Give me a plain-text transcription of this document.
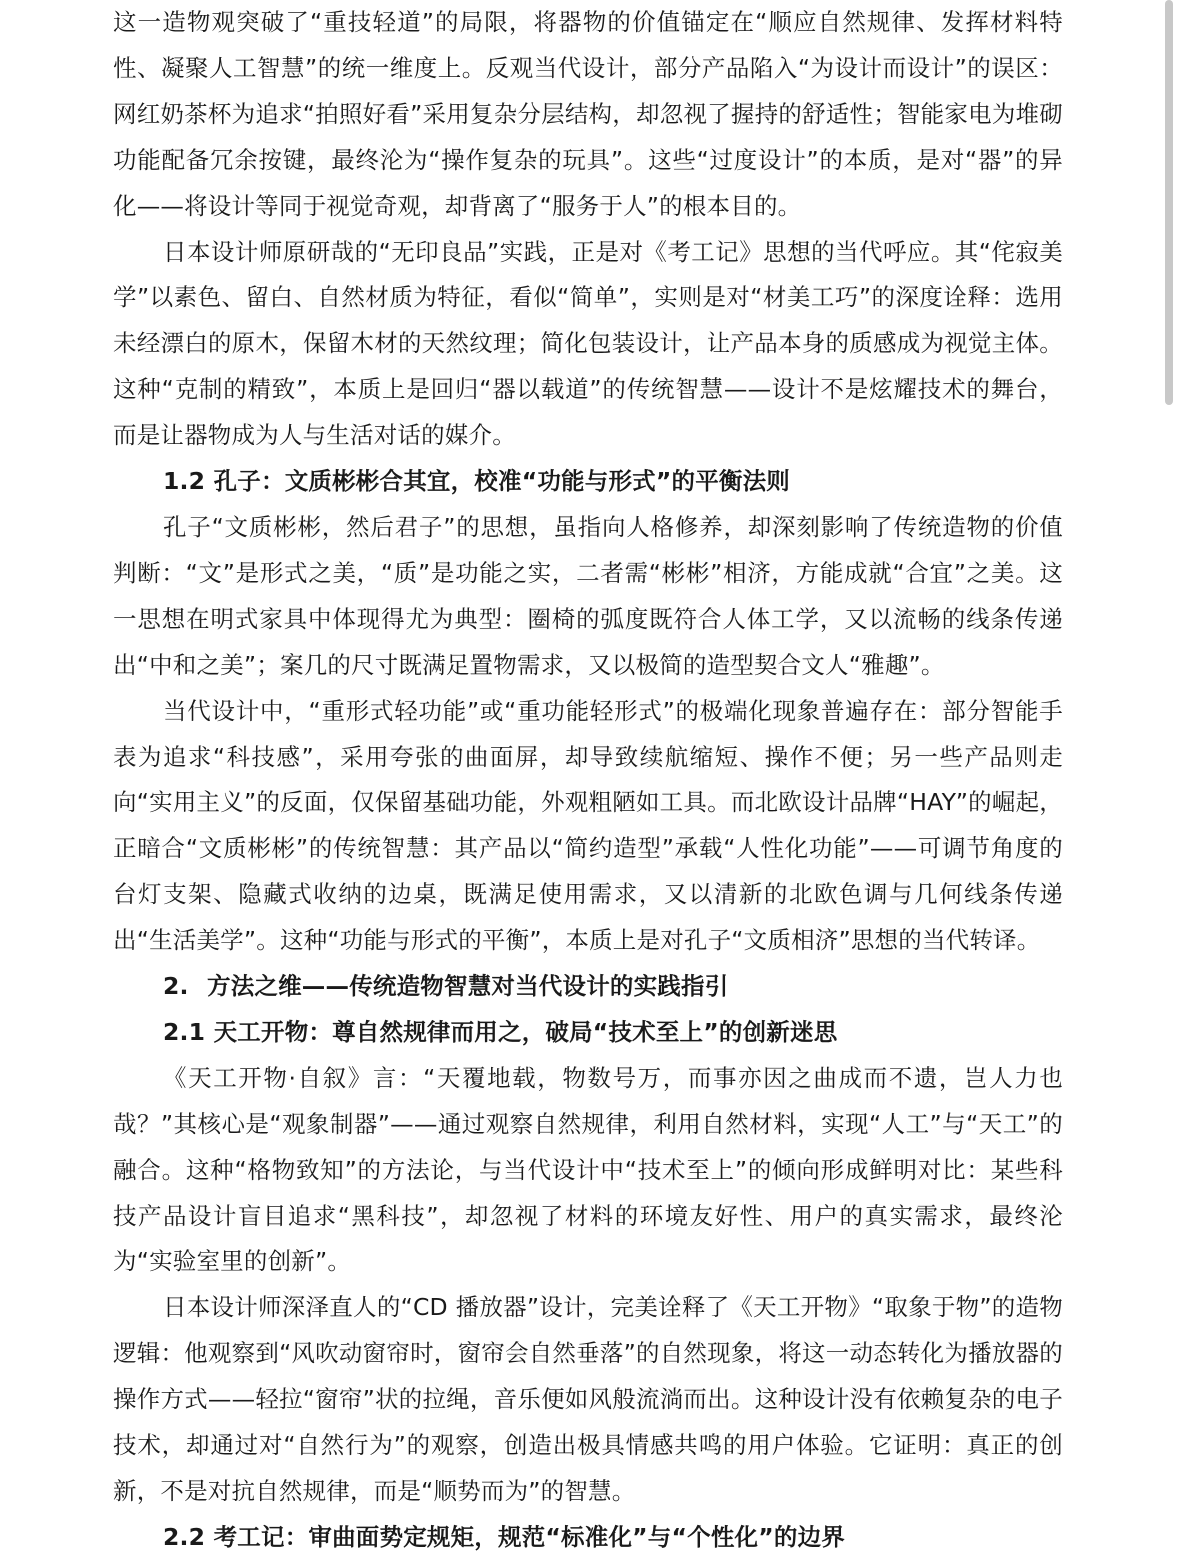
这一造物观突破了“重技轻道”的局限，将器物的价值锚定在“顺应自然规律、发挥材料特性、凝聚人工智慧”的统一维度上。反观当代设计，部分产品陷入“为设计而设计”的误区：网红奶茶杯为追求“拍照好看”采用复杂分层结构，却忽视了握持的舒适性；智能家电为堆砌功能配备冗余按键，最终沦为“操作复杂的玩具”。这些“过度设计”的本质，是对“器”的异化——将设计等同于视觉奇观，却背离了“服务于人”的根本目的。

日本设计师原研哉的“无印良品”实践，正是对《考工记》思想的当代呼应。其“侘寂美学”以素色、留白、自然材质为特征，看似“简单”，实则是对“材美工巧”的深度诠释：选用未经漂白的原木，保留木材的天然纹理；简化包装设计，让产品本身的质感成为视觉主体。这种“克制的精致”，本质上是回归“器以载道”的传统智慧——设计不是炫耀技术的舞台，而是让器物成为人与生活对话的媒介。

1.2 孔子：文质彬彬合其宜，校准“功能与形式”的平衡法则

孔子“文质彬彬，然后君子”的思想，虽指向人格修养，却深刻影响了传统造物的价值判断：“文”是形式之美，“质”是功能之实，二者需“彬彬”相济，方能成就“合宜”之美。这一思想在明式家具中体现得尤为典型：圈椅的弧度既符合人体工学，又以流畅的线条传递出“中和之美”；案几的尺寸既满足置物需求，又以极简的造型契合文人“雅趣”。

当代设计中，“重形式轻功能”或“重功能轻形式”的极端化现象普遍存在：部分智能手表为追求“科技感”，采用夸张的曲面屏，却导致续航缩短、操作不便；另一些产品则走向“实用主义”的反面，仅保留基础功能，外观粗陋如工具。而北欧设计品牌“HAY”的崛起，正暗合“文质彬彬”的传统智慧：其产品以“简约造型”承载“人性化功能”——可调节角度的台灯支架、隐藏式收纳的边桌，既满足使用需求，又以清新的北欧色调与几何线条传递出“生活美学”。这种“功能与形式的平衡”，本质上是对孔子“文质相济”思想的当代转译。

2. 方法之维——传统造物智慧对当代设计的实践指引

2.1 天工开物：尊自然规律而用之，破局“技术至上”的创新迷思

《天工开物·自叙》言：“天覆地载，物数号万，而事亦因之曲成而不遗，岂人力也哉？”其核心是“观象制器”——通过观察自然规律，利用自然材料，实现“人工”与“天工”的融合。这种“格物致知”的方法论，与当代设计中“技术至上”的倾向形成鲜明对比：某些科技产品设计盲目追求“黑科技”，却忽视了材料的环境友好性、用户的真实需求，最终沦为“实验室里的创新”。

日本设计师深泽直人的“CD 播放器”设计，完美诠释了《天工开物》“取象于物”的造物逻辑：他观察到“风吹动窗帘时，窗帘会自然垂落”的自然现象，将这一动态转化为播放器的操作方式——轻拉“窗帘”状的拉绳，音乐便如风般流淌而出。这种设计没有依赖复杂的电子技术，却通过对“自然行为”的观察，创造出极具情感共鸣的用户体验。它证明：真正的创新，不是对抗自然规律，而是“顺势而为”的智慧。

2.2 考工记：审曲面势定规矩，规范“标准化”与“个性化”的边界
